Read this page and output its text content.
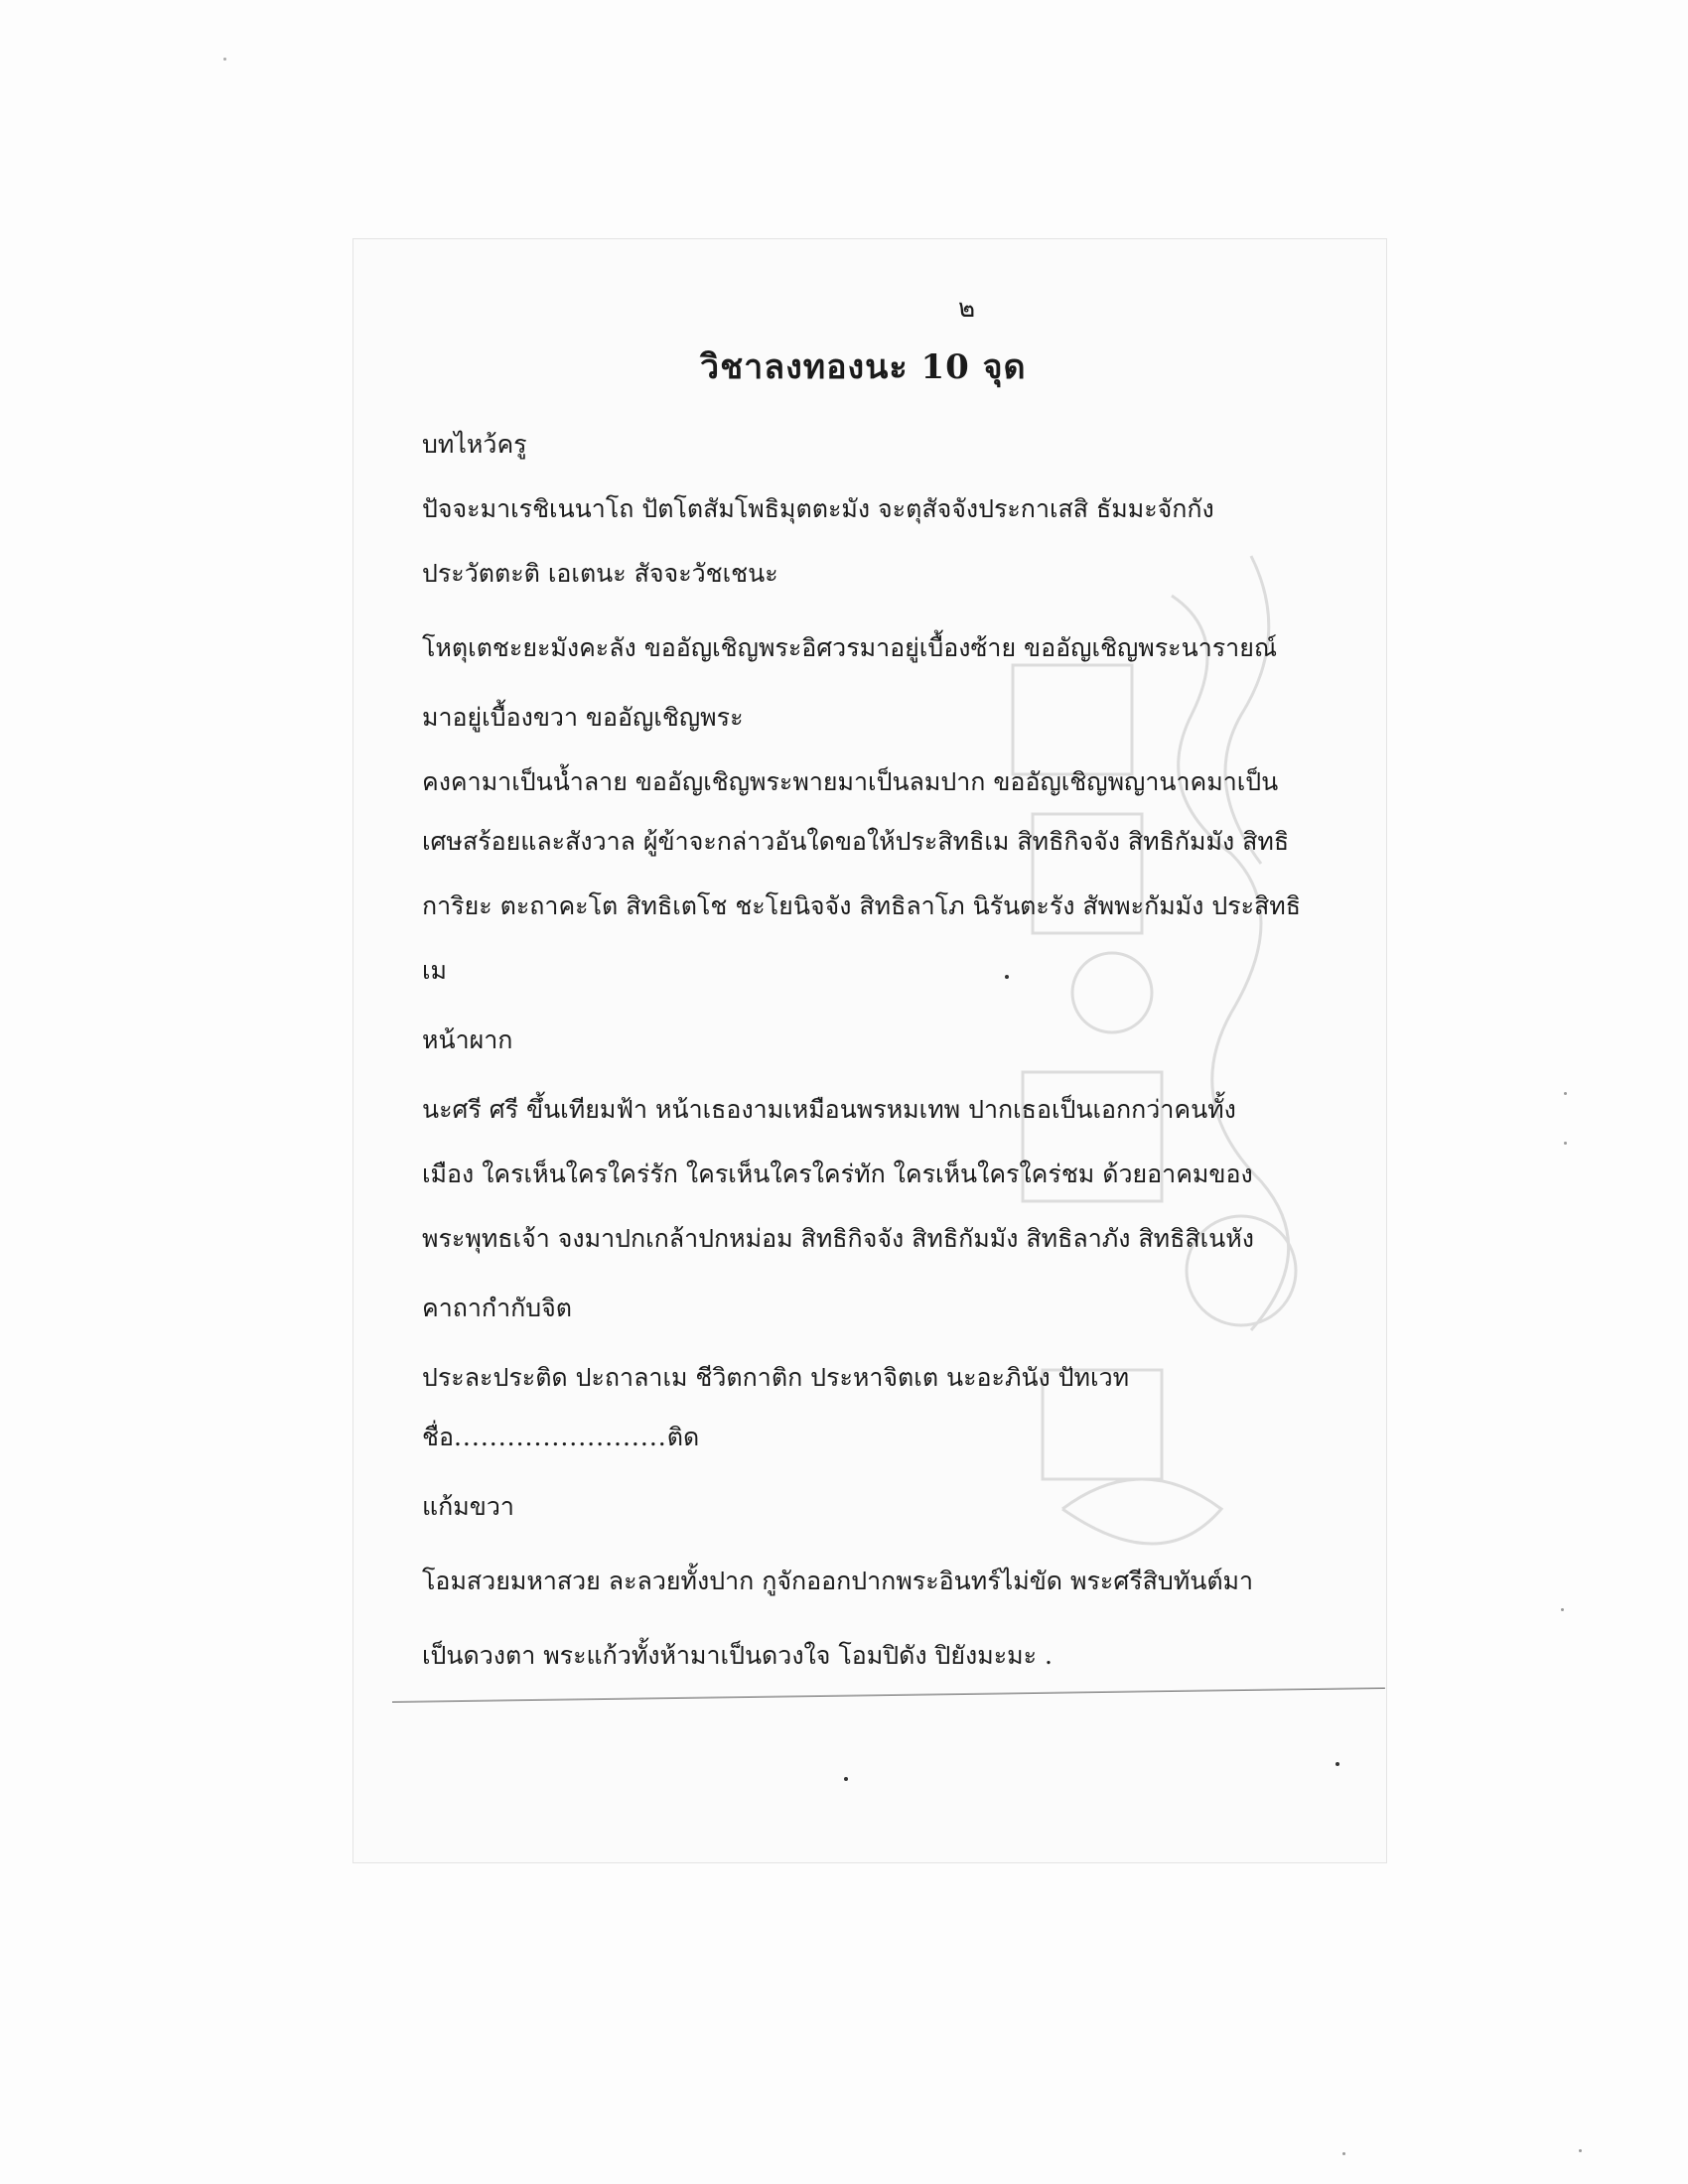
๒
วิชาลงทองนะ 10 จุด
บทไหว้ครู
ปัจจะมาเรชิเนนาโถ ปัตโตสัมโพธิมุตตะมัง จะตุสัจจังประกาเสสิ ธัมมะจักกัง
ประวัตตะติ เอเตนะ สัจจะวัชเชนะ
โหตุเตชะยะมังคะลัง ขออัญเชิญพระอิศวรมาอยู่เบื้องซ้าย ขออัญเชิญพระนารายณ์
มาอยู่เบื้องขวา ขออัญเชิญพระ
คงคามาเป็นน้ำลาย ขออัญเชิญพระพายมาเป็นลมปาก ขออัญเชิญพญานาคมาเป็น
เศษสร้อยและสังวาล ผู้ข้าจะกล่าวอันใดขอให้ประสิทธิเม สิทธิกิจจัง สิทธิกัมมัง สิทธิ
การิยะ ตะถาคะโต สิทธิเตโช ชะโยนิจจัง สิทธิลาโภ นิรันตะรัง สัพพะกัมมัง ประสิทธิ
เม
หน้าผาก
นะศรี ศรี ขึ้นเทียมฟ้า หน้าเธองามเหมือนพรหมเทพ ปากเธอเป็นเอกกว่าคนทั้ง
เมือง ใครเห็นใครใคร่รัก ใครเห็นใครใคร่ทัก ใครเห็นใครใคร่ชม ด้วยอาคมของ
พระพุทธเจ้า จงมาปกเกล้าปกหม่อม สิทธิกิจจัง สิทธิกัมมัง สิทธิลาภัง สิทธิสิเนหัง
คาถากำกับจิต
ประละประติด ปะถาลาเม ชีวิตกาติก ประหาจิตเต นะอะภินัง ปัทเวท
ชื่อ........................ติด
แก้มขวา
โอมสวยมหาสวย ละลวยทั้งปาก กูจักออกปากพระอินทร์ไม่ขัด พระศรีสิบทันต์มา
เป็นดวงตา พระแก้วทั้งห้ามาเป็นดวงใจ โอมปิดัง ปิยังมะมะ .
